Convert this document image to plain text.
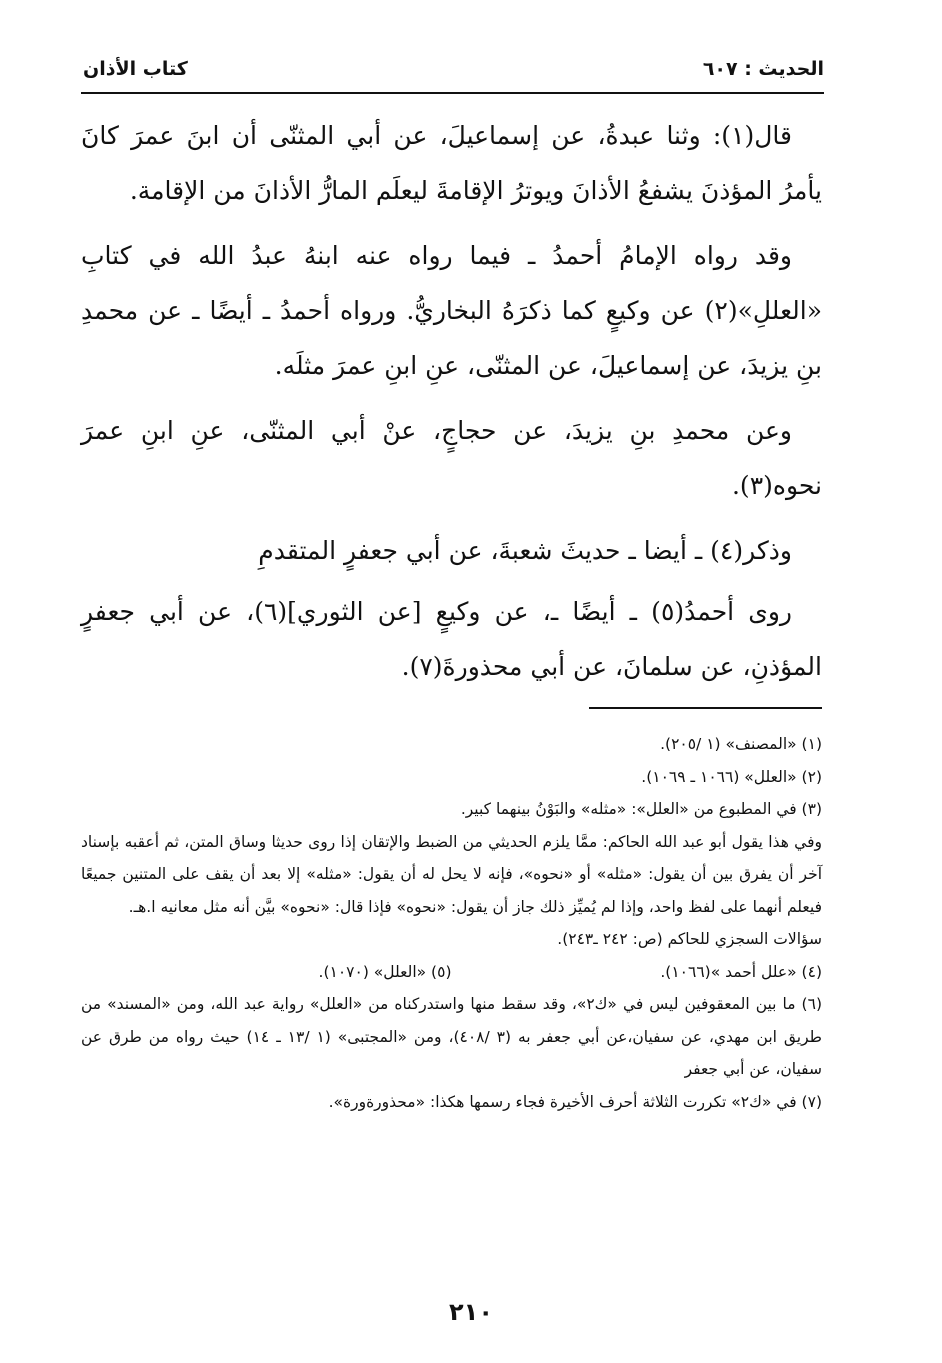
الحديث : ٦٠٧
كتاب الأذان

قال(١): وثنا عبدةُ، عن إسماعيلَ، عن أبي المثنّى أن ابنَ عمرَ كانَ يأمرُ المؤذنَ يشفعُ الأذانَ ويوترُ الإقامةَ ليعلَم المارُّ الأذانَ من الإقامة.

وقد رواه الإمامُ أحمدُ ـ فيما رواه عنه ابنهُ عبدُ الله في كتابِ «العللِ»(٢) عن وكيعٍ كما ذكرَهُ البخاريُّ. ورواه أحمدُ ـ أيضًا ـ عن محمدِ بنِ يزيدَ، عن إسماعيلَ، عن المثنّى، عنِ ابنِ عمرَ مثلَه.

وعن محمدِ بنِ يزيدَ، عن حجاجٍ، عنْ أبي المثنّى، عنِ ابنِ عمرَ نحوه(٣).

وذكر(٤) ـ أيضا ـ حديثَ شعبةَ، عن أبي جعفرٍ المتقدمِ

روى أحمدُ(٥) ـ أيضًا ـ، عن وكيعٍ [عن الثوري](٦)، عن أبي جعفرٍ المؤذنِ، عن سلمانَ، عن أبي محذورةَ(٧).

(١) «المصنف» (١ /٢٠٥).

(٢) «العلل» (١٠٦٦ ـ ١٠٦٩).

(٣) في المطبوع من «العلل»: «مثله» والبَوْنُ بينهما كبير.

وفي هذا يقول أبو عبد الله الحاكم: ممَّا يلزم الحديثي من الضبط والإتقان إذا روى حديثا وساق المتن، ثم أعقبه بإسناد آخر أن يفرق بين أن يقول: «مثله» أو «نحوه»، فإنه لا يحل له أن يقول: «مثله» إلا بعد أن يقف على المتنين جميعًا فيعلم أنهما على لفظ واحد، وإذا لم يُميِّز ذلك جاز أن يقول: «نحوه» فإذا قال: «نحوه» بيَّن أنه مثل معانيه ا.هـ.

سؤالات السجزي للحاكم (ص: ٢٤٢ ـ٢٤٣).

(٤) «علل أحمد »(١٠٦٦).

(٥) «العلل» (١٠٧٠).

(٦) ما بين المعقوفين ليس في «ك٢»، وقد سقط منها واستدركناه من «العلل» رواية عبد الله، ومن «المسند» من طريق ابن مهدي، عن سفيان،عن أبي جعفر به (٣ /٤٠٨)، ومن «المجتبى» (١ /١٣ ـ ١٤) حيث رواه من طرق عن سفيان، عن أبي جعفر

(٧) في «ك٢» تكررت الثلاثة أحرف الأخيرة فجاء رسمها هكذا: «محذورةورة».

٢١٠
